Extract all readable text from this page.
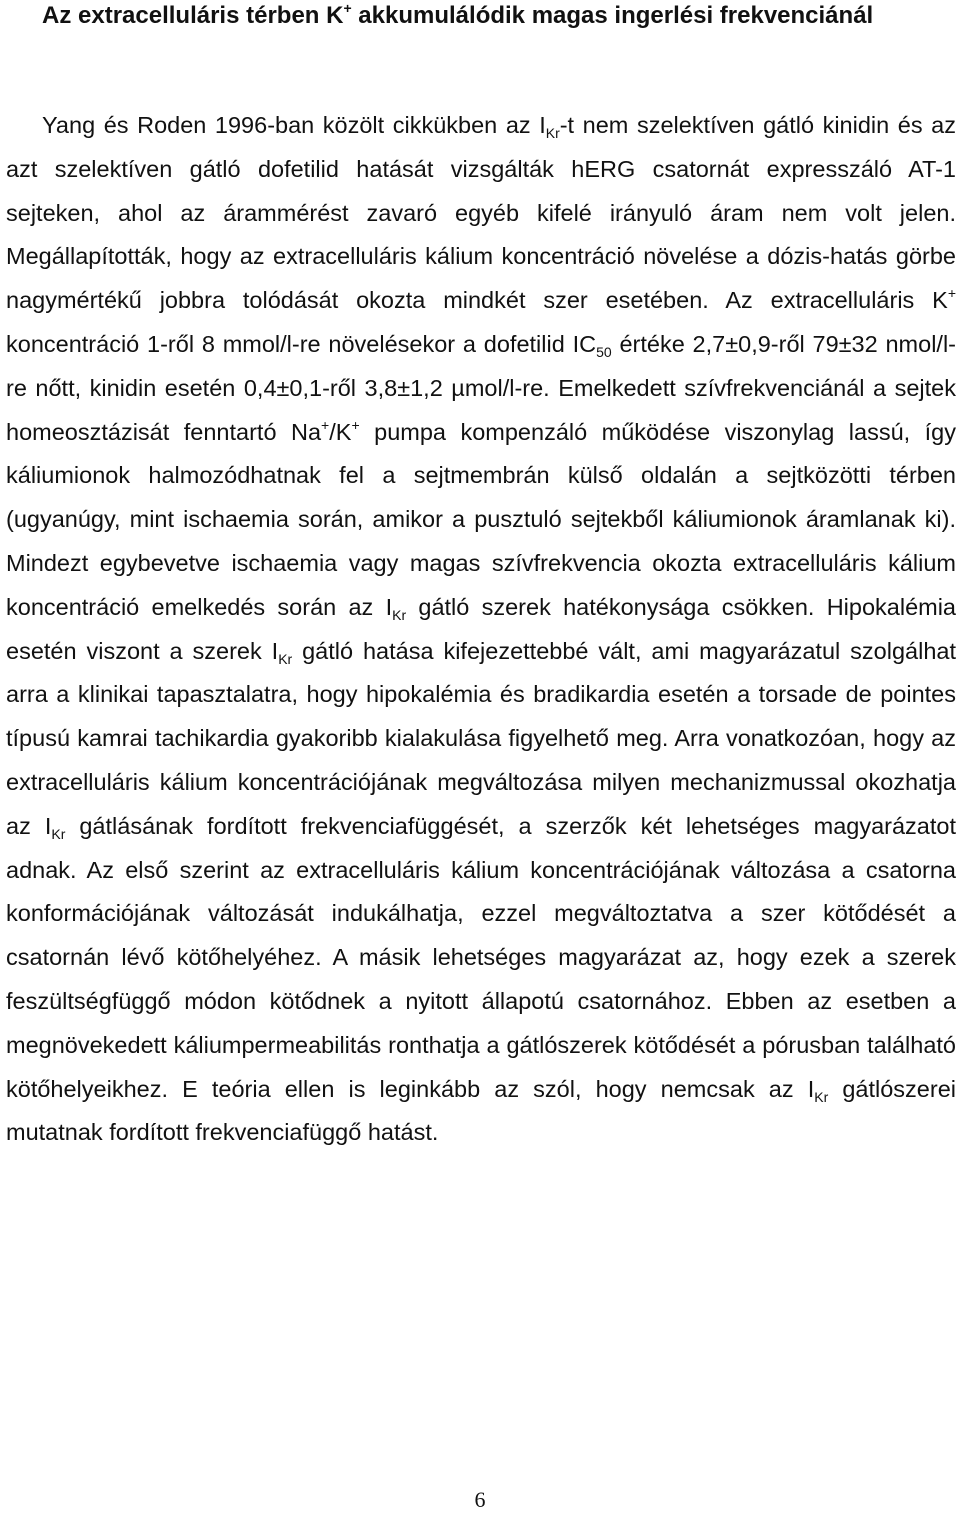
Az extracelluláris térben K+ akkumulálódik magas ingerlési frekvenciánál

Yang és Roden 1996-ban közölt cikkükben az $I_{Kr}-t$ nem szelektíven gátló kinidin és az azt szelektíven gátló dofetilid hatását vizsgálták hERG csatornát expresszáló AT-1 sejteken, ahol az árammérést zavaró egyéb kifelé irányuló áram nem volt jelen. Megállapították, hogy az extracelluláris kálium koncentráció növelése a dózis-hatás görbe nagymértékű jobbra tolódását okozta mindkét szer esetében. Az extracelluláris K+ koncentráció 1-ről 8 mmol/l-re növelésekor a dofetilid $IC_{50}$ értéke 2,7±0,9-ről 79±32 nmol/l-re nőtt, kinidin esetén 0,4±0,1-ről 3,8±1,2 µmol/l-re. Emelkedett szívfrekvenciánál a sejtek homeosztázisát fenntartó Na+/K+ pumpa kompenzáló működése viszonylag lassú, így káliumionok halmozódhatnak fel a sejtmembrán külső oldalán a sejtközötti térben (ugyanúgy, mint ischaemia során, amikor a pusztuló sejtekből káliumionok áramlanak ki). Mindezt egybevetve ischaemia vagy magas szívfrekvencia okozta extracelluláris kálium koncentráció emelkedés során az $I_{Kr}$ gátló szerek hatékonysága csökken. Hipokalémia esetén viszont a szerek $I_{Kr}$ gátló hatása kifejezettebbé vált, ami magyarázatul szolgálhat arra a klinikai tapasztalatra, hogy hipokalémia és bradikardia esetén a torsade de pointes típusú kamrai tachikardia gyakoribb kialakulása figyelhető meg. Arra vonatkozóan, hogy az extracelluláris kálium koncentrációjának megváltozása milyen mechanizmussal okozhatja az $I_{Kr}$ gátlásának fordított frekvenciafüggését, a szerzők két lehetséges magyarázatot adnak. Az első szerint az extracelluláris kálium koncentrációjának változása a csatorna konformációjának változását indukálhatja, ezzel megváltoztatva a szer kötődését a csatornán lévő kötőhelyéhez. A másik lehetséges magyarázat az, hogy ezek a szerek feszültségfüggő módon kötődnek a nyitott állapotú csatornához. Ebben az esetben a megnövekedett káliumpermeabilitás ronthatja a gátlószerek kötődését a pórusban található kötőhelyeikhez. E teória ellen is leginkább az szól, hogy nemcsak az $I_{Kr}$ gátlószerei mutatnak fordított frekvenciafüggő hatást.

6
